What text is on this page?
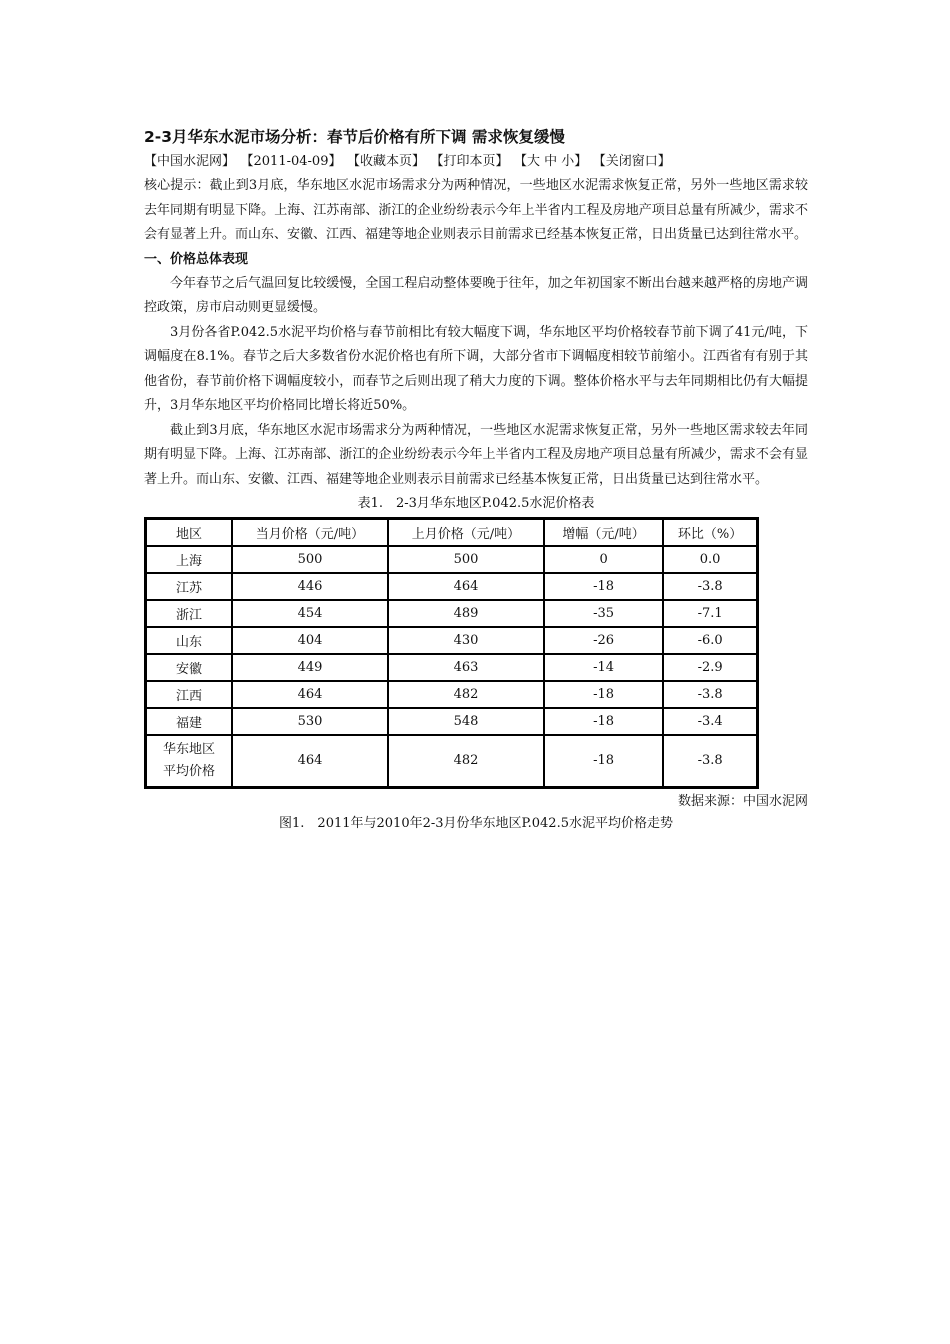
2-3月华东水泥市场分析：春节后价格有所下调 需求恢复缓慢
【中国水泥网】 【2011-04-09】 【收藏本页】 【打印本页】 【大 中 小】 【关闭窗口】

核心提示：截止到3月底，华东地区水泥市场需求分为两种情况，一些地区水泥需求恢复正常，另外一些地区需求较去年同期有明显下降。上海、江苏南部、浙江的企业纷纷表示今年上半省内工程及房地产项目总量有所减少，需求不会有显著上升。而山东、安徽、江西、福建等地企业则表示目前需求已经基本恢复正常，日出货量已达到往常水平。

一、价格总体表现

今年春节之后气温回复比较缓慢，全国工程启动整体要晚于往年，加之年初国家不断出台越来越严格的房地产调控政策，房市启动则更显缓慢。

3月份各省P.042.5水泥平均价格与春节前相比有较大幅度下调，华东地区平均价格较春节前下调了41元/吨，下调幅度在8.1%。春节之后大多数省份水泥价格也有所下调，大部分省市下调幅度相较节前缩小。江西省有有别于其他省份，春节前价格下调幅度较小，而春节之后则出现了稍大力度的下调。整体价格水平与去年同期相比仍有大幅提升，3月华东地区平均价格同比增长将近50%。

截止到3月底，华东地区水泥市场需求分为两种情况，一些地区水泥需求恢复正常，另外一些地区需求较去年同期有明显下降。上海、江苏南部、浙江的企业纷纷表示今年上半省内工程及房地产项目总量有所减少，需求不会有显著上升。而山东、安徽、江西、福建等地企业则表示目前需求已经基本恢复正常，日出货量已达到往常水平。

表1.　2-3月华东地区P.042.5水泥价格表
地区	当月价格（元/吨）	上月价格（元/吨）	增幅（元/吨）	环比（%）
上海	500	500	0	0.0
江苏	446	464	-18	-3.8
浙江	454	489	-35	-7.1
山东	404	430	-26	-6.0
安徽	449	463	-14	-2.9
江西	464	482	-18	-3.8
福建	530	548	-18	-3.4

华东地区
平均价格	464	482	-18	-3.8
数据来源：中国水泥网
图1.　2011年与2010年2-3月份华东地区P.042.5水泥平均价格走势
